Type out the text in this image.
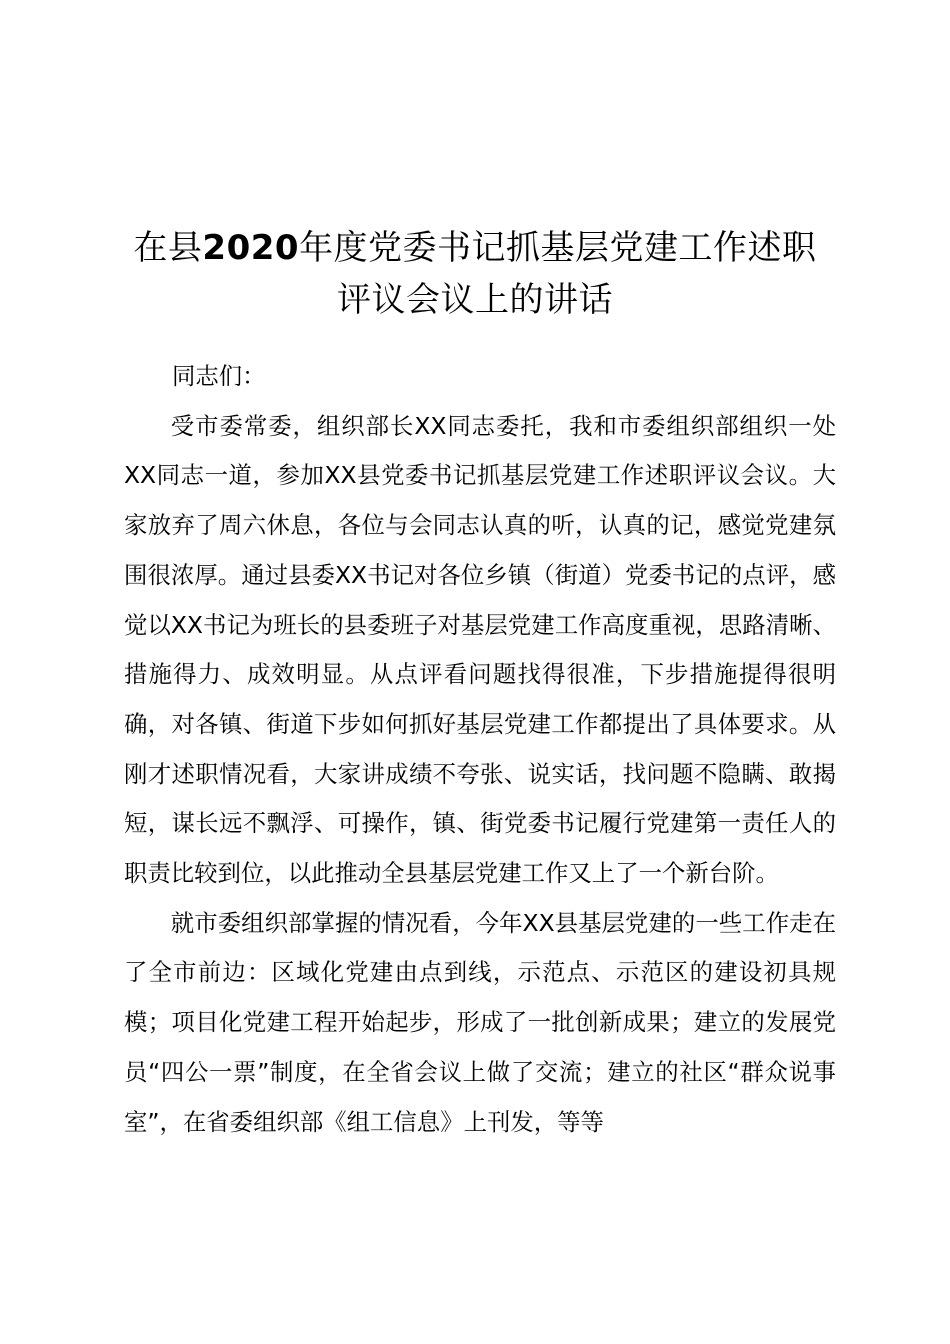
在县2020年度党委书记抓基层党建工作述职
评议会议上的讲话

同志们：

受市委常委，组织部长XX同志委托，我和市委组织部组织一处XX同志一道，参加XX县党委书记抓基层党建工作述职评议会议。大家放弃了周六休息，各位与会同志认真的听，认真的记，感觉党建氛围很浓厚。通过县委XX书记对各位乡镇（街道）党委书记的点评，感觉以XX书记为班长的县委班子对基层党建工作高度重视，思路清晰、措施得力、成效明显。从点评看问题找得很准，下步措施提得很明确，对各镇、街道下步如何抓好基层党建工作都提出了具体要求。从刚才述职情况看，大家讲成绩不夸张、说实话，找问题不隐瞒、敢揭短，谋长远不飘浮、可操作，镇、街党委书记履行党建第一责任人的职责比较到位，以此推动全县基层党建工作又上了一个新台阶。

就市委组织部掌握的情况看，今年XX县基层党建的一些工作走在了全市前边：区域化党建由点到线，示范点、示范区的建设初具规模；项目化党建工程开始起步，形成了一批创新成果；建立的发展党员“四公一票”制度，在全省会议上做了交流；建立的社区“群众说事室”，在省委组织部《组工信息》上刊发，等等
